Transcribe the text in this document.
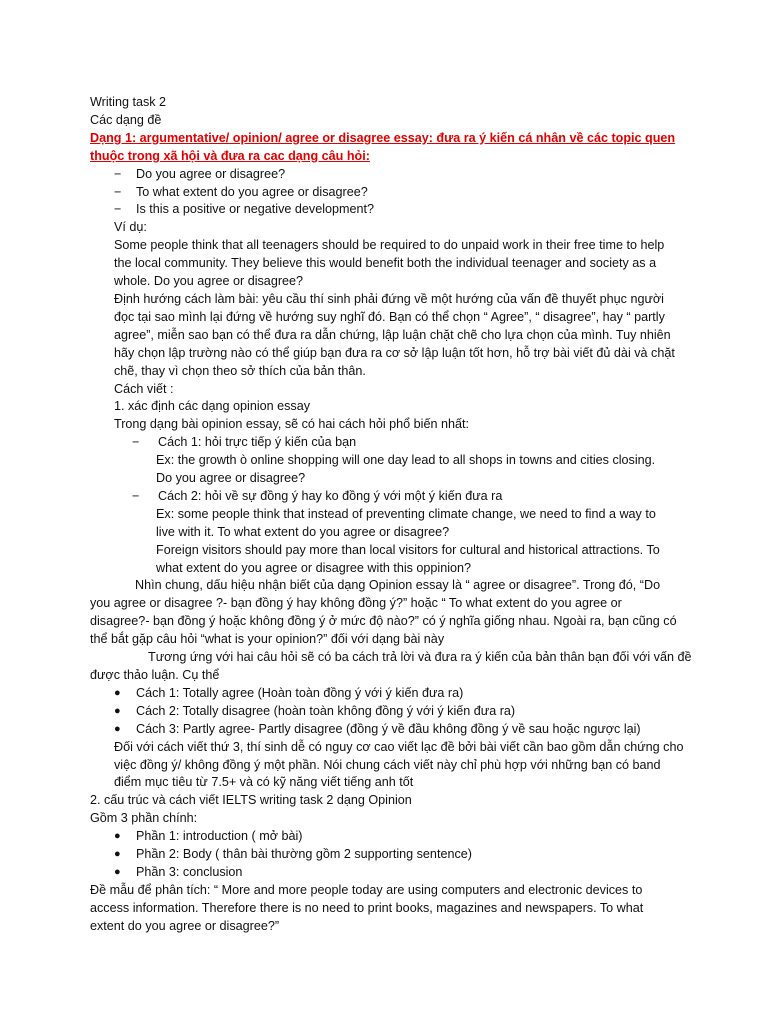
Writing task 2
Các dạng đề
Dạng 1: argumentative/ opinion/ agree or disagree essay: đưa ra ý kiến cá nhân về các topic quen
thuộc trong xã hội và đưa ra cac dạng câu hỏi:
− Do you agree or disagree?
− To what extent do you agree or disagree?
− Is this a positive or negative development?
Ví dụ:
Some people think that all teenagers should be required to do unpaid work in their free time to help
the local community. They believe this would benefit both the individual teenager and society as a
whole. Do you agree or disagree?
Định hướng cách làm bài: yêu cầu thí sinh phải đứng về một hướng của vấn đề thuyết phục người
đọc tại sao mình lại đứng về hướng suy nghĩ đó. Bạn có thể chọn “ Agree”, “ disagree”, hay “ partly
agree”, miễn sao bạn có thể đưa ra dẫn chứng, lập luận chặt chẽ cho lựa chọn của mình. Tuy nhiên
hãy chọn lập trường nào có thể giúp bạn đưa ra cơ sở lập luận tốt hơn, hỗ trợ bài viết đủ dài và chặt
chẽ, thay vì chọn theo sở thích của bản thân.
Cách viết :
1. xác định các dạng opinion essay
Trong dạng bài opinion essay, sẽ có hai cách hỏi phổ biến nhất:
− Cách 1: hỏi trực tiếp ý kiến của bạn
Ex: the growth ò online shopping will one day lead to all shops in towns and cities closing.
Do you agree or disagree?
− Cách 2: hỏi về sự đồng ý hay ko đồng ý với một ý kiến đưa ra
Ex: some people think that instead of preventing climate change, we need to find a way to
live with it. To what extent do you agree or disagree?
Foreign visitors should pay more than local visitors for cultural and historical attractions. To
what extent do you agree or disagree with this oppinion?
Nhìn chung, dấu hiệu nhận biết của dạng Opinion essay là “ agree or disagree”. Trong đó, “Do
you agree or disagree ?- bạn đồng ý hay không đồng ý?” hoặc “ To what extent do you agree or
disagree?- bạn đồng ý hoặc không đồng ý ở mức độ nào?” có ý nghĩa giống nhau. Ngoài ra, bạn cũng có
thể bắt gặp câu hỏi “what is your opinion?” đối với dạng bài này
Tương ứng với hai câu hỏi sẽ có ba cách trả lời và đưa ra ý kiến của bản thân bạn đối với vấn đề
được thảo luận. Cụ thể
● Cách 1: Totally agree (Hoàn toàn đồng ý với ý kiến đưa ra)
● Cách 2: Totally disagree (hoàn toàn không đồng ý với ý kiến đưa ra)
● Cách 3: Partly agree- Partly disagree (đồng ý về đầu không đồng ý về sau hoặc ngược lại)
Đối với cách viết thứ 3, thí sinh dễ có nguy cơ cao viết lạc đề bởi bài viết cần bao gồm dẫn chứng cho
việc đồng ý/ không đồng ý một phần. Nói chung cách viết này chỉ phù hợp với những bạn có band
điểm mục tiêu từ 7.5+ và có kỹ năng viết tiếng anh tốt
2. cấu trúc và cách viết IELTS writing task 2 dạng Opinion
Gồm 3 phần chính:
● Phần 1: introduction ( mở bài)
● Phần 2: Body ( thân bài thường gồm 2 supporting sentence)
● Phần 3: conclusion
Đề mẫu để phân tích: “ More and more people today are using computers and electronic devices to
access information. Therefore there is no need to print books, magazines and newspapers. To what
extent do you agree or disagree?”
